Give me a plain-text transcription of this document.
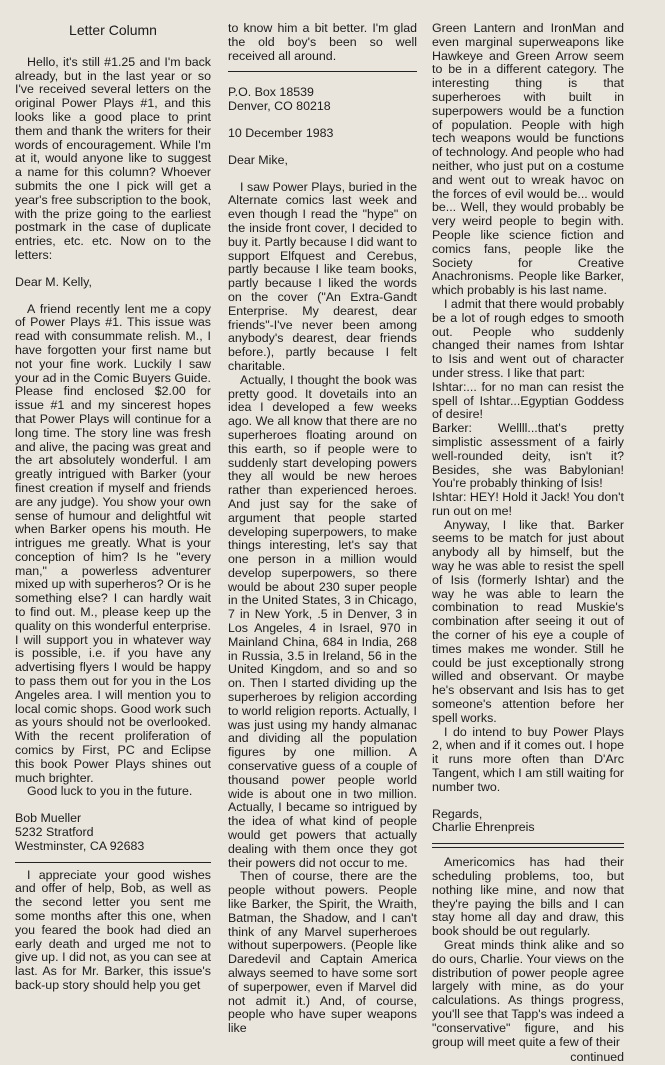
Letter Column

Hello, it's still #1.25 and I'm back already, but in the last year or so I've received several letters on the original Power Plays #1, and this looks like a good place to print them and thank the writers for their words of encouragement. While I'm at it, would anyone like to suggest a name for this column? Whoever submits the one I pick will get a year's free subscription to the book, with the prize going to the earliest postmark in the case of duplicate entries, etc. etc. Now on to the letters:

Dear M. Kelly,

A friend recently lent me a copy of Power Plays #1. This issue was read with consummate relish. M., I have forgotten your first name but not your fine work. Luckily I saw your ad in the Comic Buyers Guide. Please find enclosed $2.00 for issue #1 and my sincerest hopes that Power Plays will continue for a long time. The story line was fresh and alive, the pacing was great and the art absolutely wonderful. I am greatly intrigued with Barker (your finest creation if myself and friends are any judge). You show your own sense of humour and delightful wit when Barker opens his mouth. He intrigues me greatly. What is your conception of him? Is he "every man," a powerless adventurer mixed up with superheros? Or is he something else? I can hardly wait to find out. M., please keep up the quality on this wonderful enterprise. I will support you in whatever way is possible, i.e. if you have any advertising flyers I would be happy to pass them out for you in the Los Angeles area. I will mention you to local comic shops. Good work such as yours should not be overlooked. With the recent proliferation of comics by First, PC and Eclipse this book Power Plays shines out much brighter.

Good luck to you in the future.

Bob Mueller
5232 Stratford
Westminster, CA 92683

I appreciate your good wishes and offer of help, Bob, as well as the second letter you sent me some months after this one, when you feared the book had died an early death and urged me not to give up. I did not, as you can see at last. As for Mr. Barker, this issue's back-up story should help you get

to know him a bit better. I'm glad the old boy's been so well received all around.

P.O. Box 18539
Denver, CO 80218

10 December 1983

Dear Mike,

I saw Power Plays, buried in the Alternate comics last week and even though I read the "hype" on the inside front cover, I decided to buy it. Partly because I did want to support Elfquest and Cerebus, partly because I like team books, partly because I liked the words on the cover ("An Extra-Gandt Enterprise. My dearest, dear friends"-I've never been among anybody's dearest, dear friends before.), partly because I felt charitable.

Actually, I thought the book was pretty good. It dovetails into an idea I developed a few weeks ago. We all know that there are no superheroes floating around on this earth, so if people were to suddenly start developing powers they all would be new heroes rather than experienced heroes. And just say for the sake of argument that people started developing superpowers, to make things interesting, let's say that one person in a million would develop superpowers, so there would be about 230 super people in the United States, 3 in Chicago, 7 in New York, .5 in Denver, 3 in Los Angeles, 4 in Israel, 970 in Mainland China, 684 in India, 268 in Russia, 3.5 in Ireland, 56 in the United Kingdom, and so and so on. Then I started dividing up the superheroes by religion according to world religion reports. Actually, I was just using my handy almanac and dividing all the population figures by one million. A conservative guess of a couple of thousand power people world wide is about one in two million. Actually, I became so intrigued by the idea of what kind of people would get powers that actually dealing with them once they got their powers did not occur to me.

Then of course, there are the people without powers. People like Barker, the Spirit, the Wraith, Batman, the Shadow, and I can't think of any Marvel superheroes without superpowers. (People like Daredevil and Captain America always seemed to have some sort of superpower, even if Marvel did not admit it.) And, of course, people who have super weapons like

Green Lantern and IronMan and even marginal superweapons like Hawkeye and Green Arrow seem to be in a different category. The interesting thing is that superheroes with built in superpowers would be a function of population. People with high tech weapons would be functions of technology. And people who had neither, who just put on a costume and went out to wreak havoc on the forces of evil would be... would be... Well, they would probably be very weird people to begin with. People like science fiction and comics fans, people like the Society for Creative Anachronisms. People like Barker, which probably is his last name.

I admit that there would probably be a lot of rough edges to smooth out. People who suddenly changed their names from Ishtar to Isis and went out of character under stress. I like that part:

Ishtar:... for no man can resist the spell of Ishtar...Egyptian Goddess of desire!

Barker: Wellll...that's pretty simplistic assessment of a fairly well-rounded deity, isn't it? Besides, she was Babylonian! You're probably thinking of Isis!

Ishtar: HEY! Hold it Jack! You don't run out on me!

Anyway, I like that. Barker seems to be match for just about anybody all by himself, but the way he was able to resist the spell of Isis (formerly Ishtar) and the way he was able to learn the combination to read Muskie's combination after seeing it out of the corner of his eye a couple of times makes me wonder. Still he could be just exceptionally strong willed and observant. Or maybe he's observant and Isis has to get someone's attention before her spell works.

I do intend to buy Power Plays 2, when and if it comes out. I hope it runs more often than D'Arc Tangent, which I am still waiting for number two.

Regards,

Charlie Ehrenpreis

Americomics has had their scheduling problems, too, but nothing like mine, and now that they're paying the bills and I can stay home all day and draw, this book should be out regularly.

Great minds think alike and so do ours, Charlie. Your views on the distribution of power people agree largely with mine, as do your calculations. As things progress, you'll see that Tapp's was indeed a "conservative" figure, and his group will meet quite a few of their

continued
